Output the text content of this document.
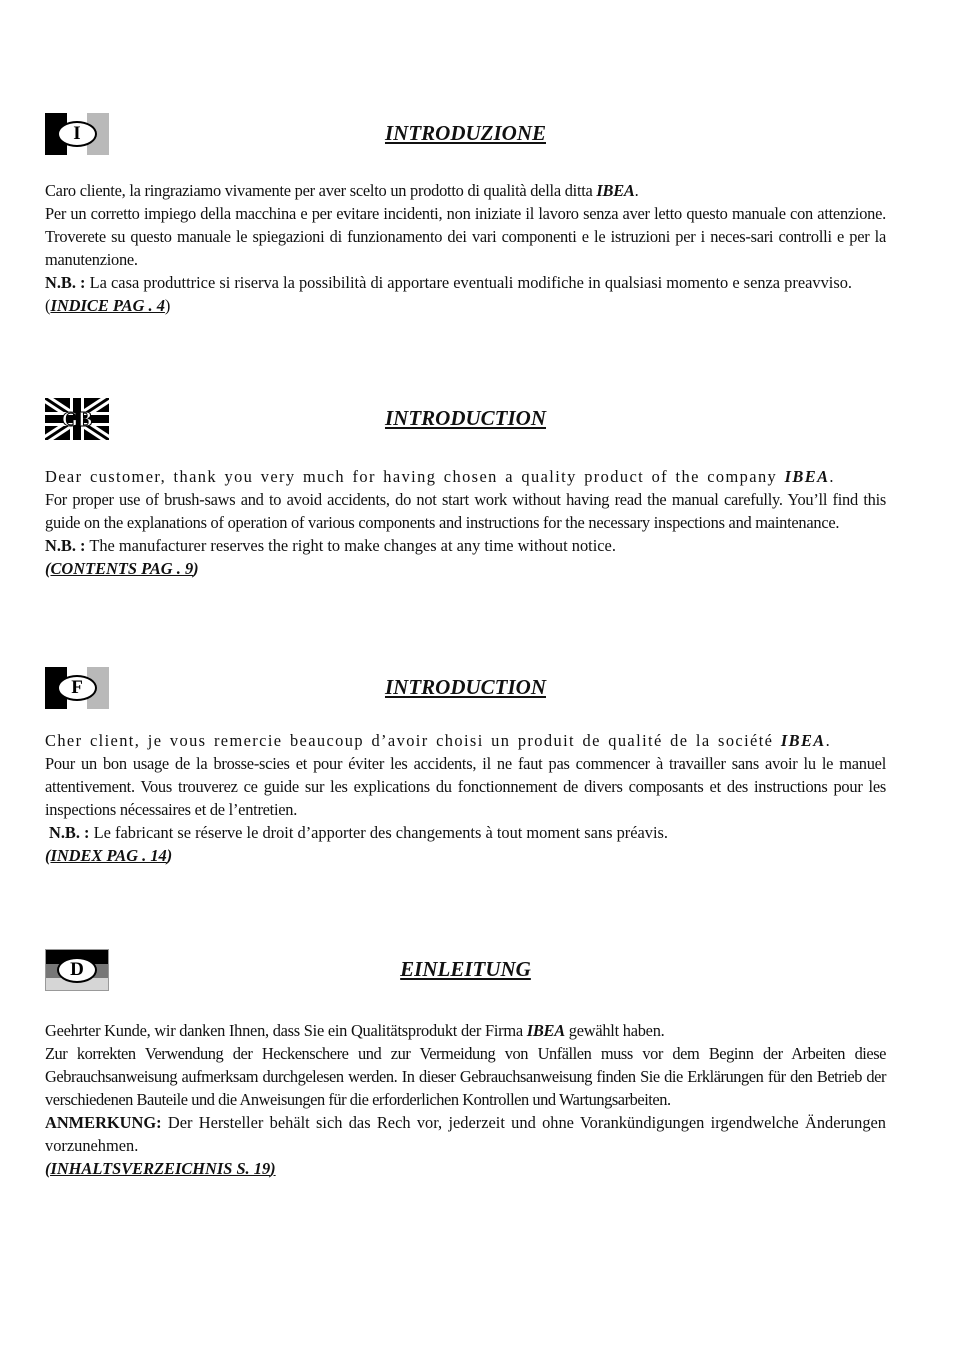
I	INTRODUZIONE

Caro cliente, la ringraziamo vivamente per aver scelto un prodotto di qualità della ditta IBEA.

Per un corretto impiego della macchina e per evitare incidenti, non iniziate il lavoro senza aver letto questo manuale con attenzione. Troverete su questo manuale le spiegazioni di funzionamento dei vari componenti e le istruzioni per i neces-sari controlli e per la manutenzione.

N.B. : La casa produttrice si riserva la possibilità di apportare eventuali modifiche in qualsiasi momento e senza preavviso.

(INDICE PAG . 4)

GB	INTRODUCTION

Dear customer, thank you very much for having chosen a quality product of the company IBEA.

For proper use of brush-saws and to avoid accidents, do not start work without having read the manual carefully. You’ll find this guide on the explanations of operation of various components and instructions for the necessary inspections and maintenance.

N.B. : The manufacturer reserves the right to make changes at any time without notice.

(CONTENTS PAG . 9)

F	INTRODUCTION

Cher client, je vous remercie beaucoup d’avoir choisi un produit de qualité de la société IBEA.

Pour un bon usage de la brosse-scies et pour éviter les accidents, il ne faut pas commencer à travailler sans avoir lu le manuel attentivement. Vous trouverez ce guide sur les explications du fonctionnement de divers composants et des instructions pour les inspections nécessaires et de l’entretien.

N.B. : Le fabricant se réserve le droit d’apporter des changements à tout moment sans préavis.

(INDEX PAG . 14)

D	EINLEITUNG

Geehrter Kunde, wir danken Ihnen, dass Sie ein Qualitätsprodukt der Firma IBEA gewählt haben.

Zur korrekten Verwendung der Heckenschere und zur Vermeidung von Unfällen muss vor dem Beginn der Arbeiten diese Gebrauchsanweisung aufmerksam durchgelesen werden. In dieser Gebrauchsanweisung finden Sie die Erklärungen für den Betrieb der verschiedenen Bauteile und die Anweisungen für die erforderlichen Kontrollen und Wartungsarbeiten.

ANMERKUNG: Der Hersteller behält sich das Rech vor, jederzeit und ohne Vorankündigungen irgendwelche Änderungen vorzunehmen.

(INHALTSVERZEICHNIS S. 19)
